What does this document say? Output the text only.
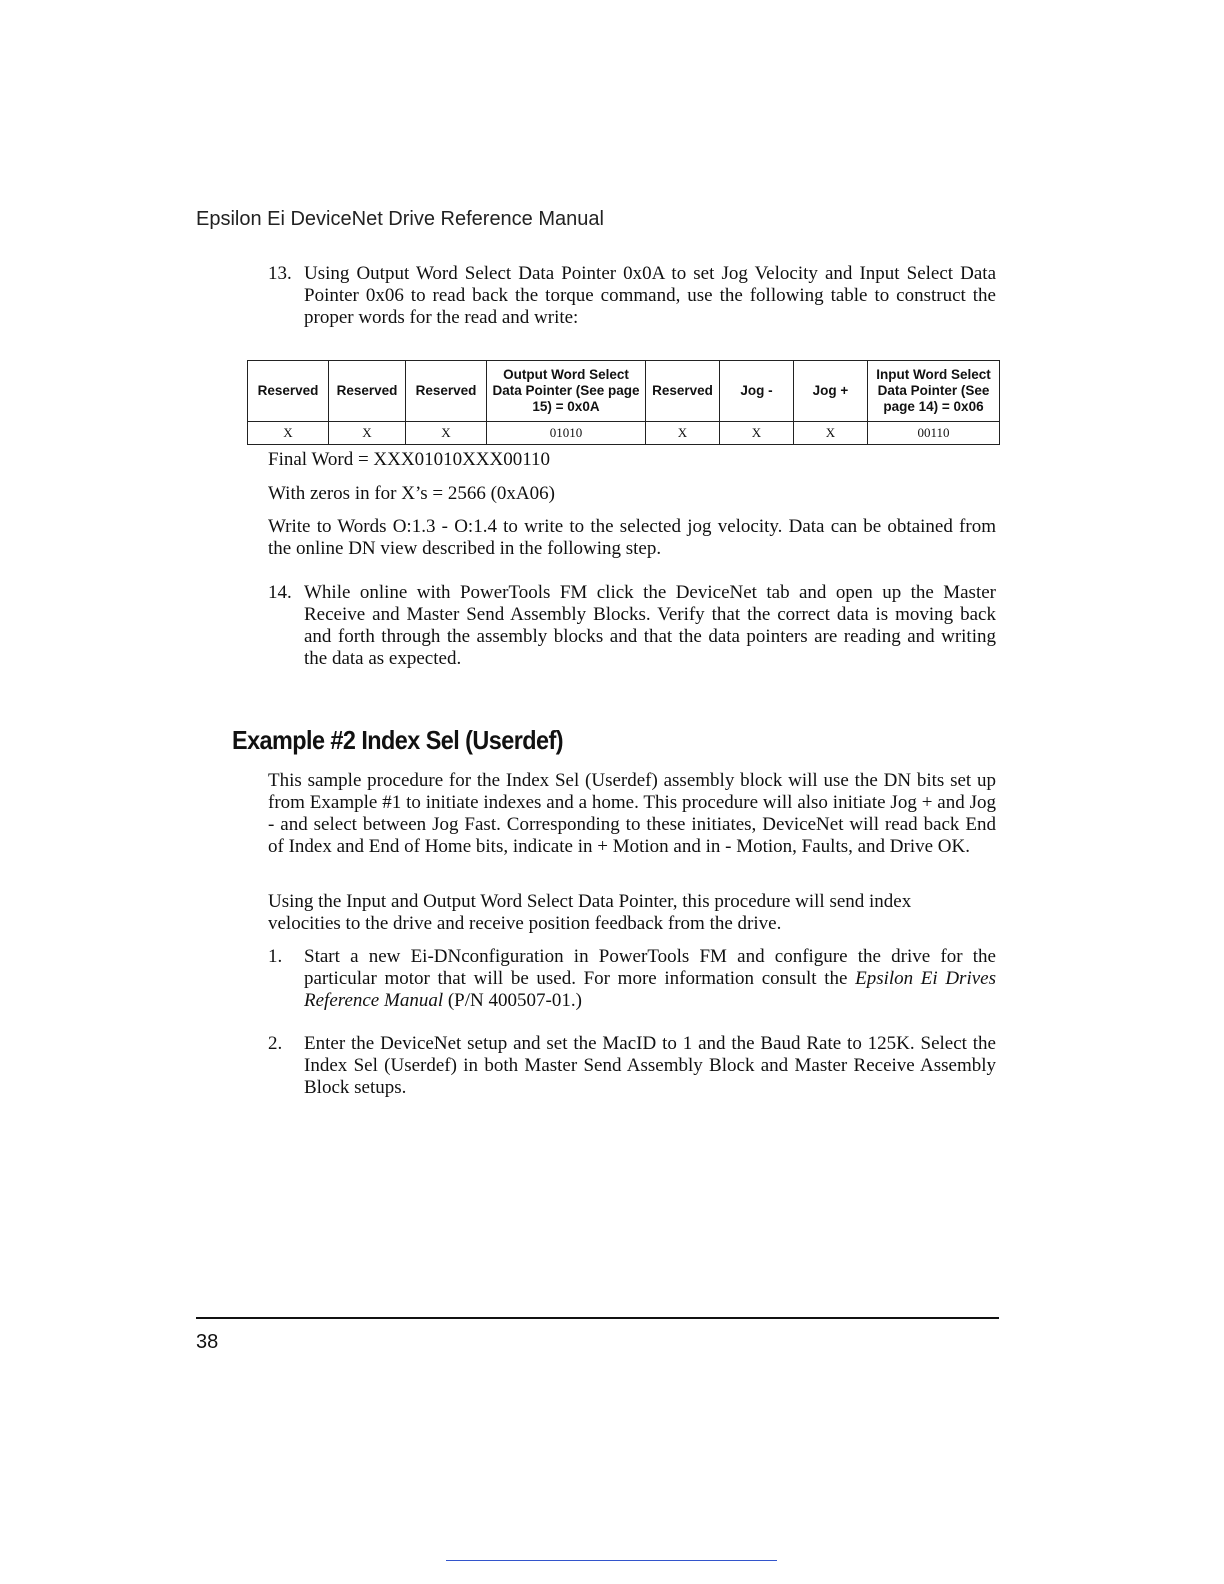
Epsilon Ei DeviceNet Drive Reference Manual
13. Using Output Word Select Data Pointer 0x0A to set Jog Velocity and Input Select Data Pointer 0x06 to read back the torque command, use the following table to construct the proper words for the read and write:
Reserved	Reserved	Reserved	Output Word Select Data Pointer (See page 15) = 0x0A	Reserved	Jog -	Jog +	Input Word Select Data Pointer (See page 14) = 0x06
X	X	X	01010	X	X	X	00110
Final Word = XXX01010XXX00110
With zeros in for X’s = 2566 (0xA06)
Write to Words O:1.3 - O:1.4 to write to the selected jog velocity. Data can be obtained from the online DN view described in the following step.
14. While online with PowerTools FM click the DeviceNet tab and open up the Master Receive and Master Send Assembly Blocks. Verify that the correct data is moving back and forth through the assembly blocks and that the data pointers are reading and writing the data as expected.
Example #2 Index Sel (Userdef)
This sample procedure for the Index Sel (Userdef) assembly block will use the DN bits set up from Example #1 to initiate indexes and a home. This procedure will also initiate Jog + and Jog - and select between Jog Fast. Corresponding to these initiates, DeviceNet will read back End of Index and End of Home bits, indicate in + Motion and in - Motion, Faults, and Drive OK.
Using the Input and Output Word Select Data Pointer, this procedure will send index velocities to the drive and receive position feedback from the drive.
1. Start a new Ei-DNconfiguration in PowerTools FM and configure the drive for the particular motor that will be used. For more information consult the Epsilon Ei Drives Reference Manual (P/N 400507-01.)
2. Enter the DeviceNet setup and set the MacID to 1 and the Baud Rate to 125K. Select the Index Sel (Userdef) in both Master Send Assembly Block and Master Receive Assembly Block setups.
38
